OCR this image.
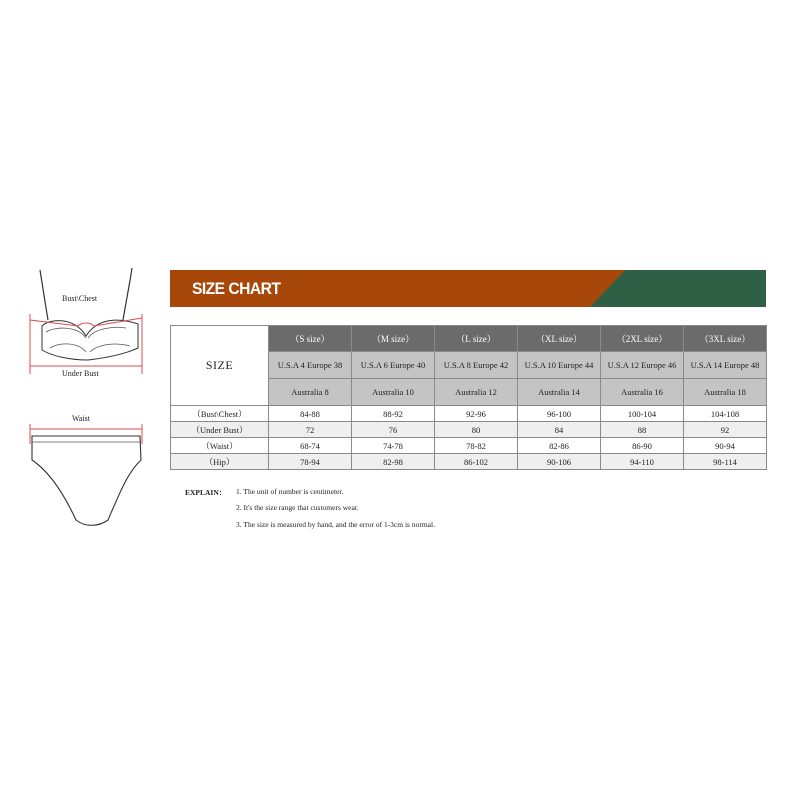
Bust\Chest
Under Bust
Waist
SIZE CHART
SIZE	（S size）	（M size）	（L size）	（XL size）	（2XL size）	（3XL size）
	U.S.A 4 Europe 38	U.S.A 6 Europe 40	U.S.A 8 Europe 42	U.S.A 10 Europe 44	U.S.A 12 Europe 46	U.S.A 14 Europe 48
	Australia 8	Australia 10	Australia 12	Australia 14	Australia 16	Australia 18
（Bust\Chest）	84-88	88-92	92-96	96-100	100-104	104-108
（Under Bust）	72	76	80	84	88	92
（Waist）	68-74	74-78	78-82	82-86	86-90	90-94
（Hip）	78-94	82-98	86-102	90-106	94-110	98-114
EXPLAIN： 1. The unit of number is centimeter.
2. It's the size range that customers wear.
3. The size is measured by hand, and the error of 1-3cm is normal.
